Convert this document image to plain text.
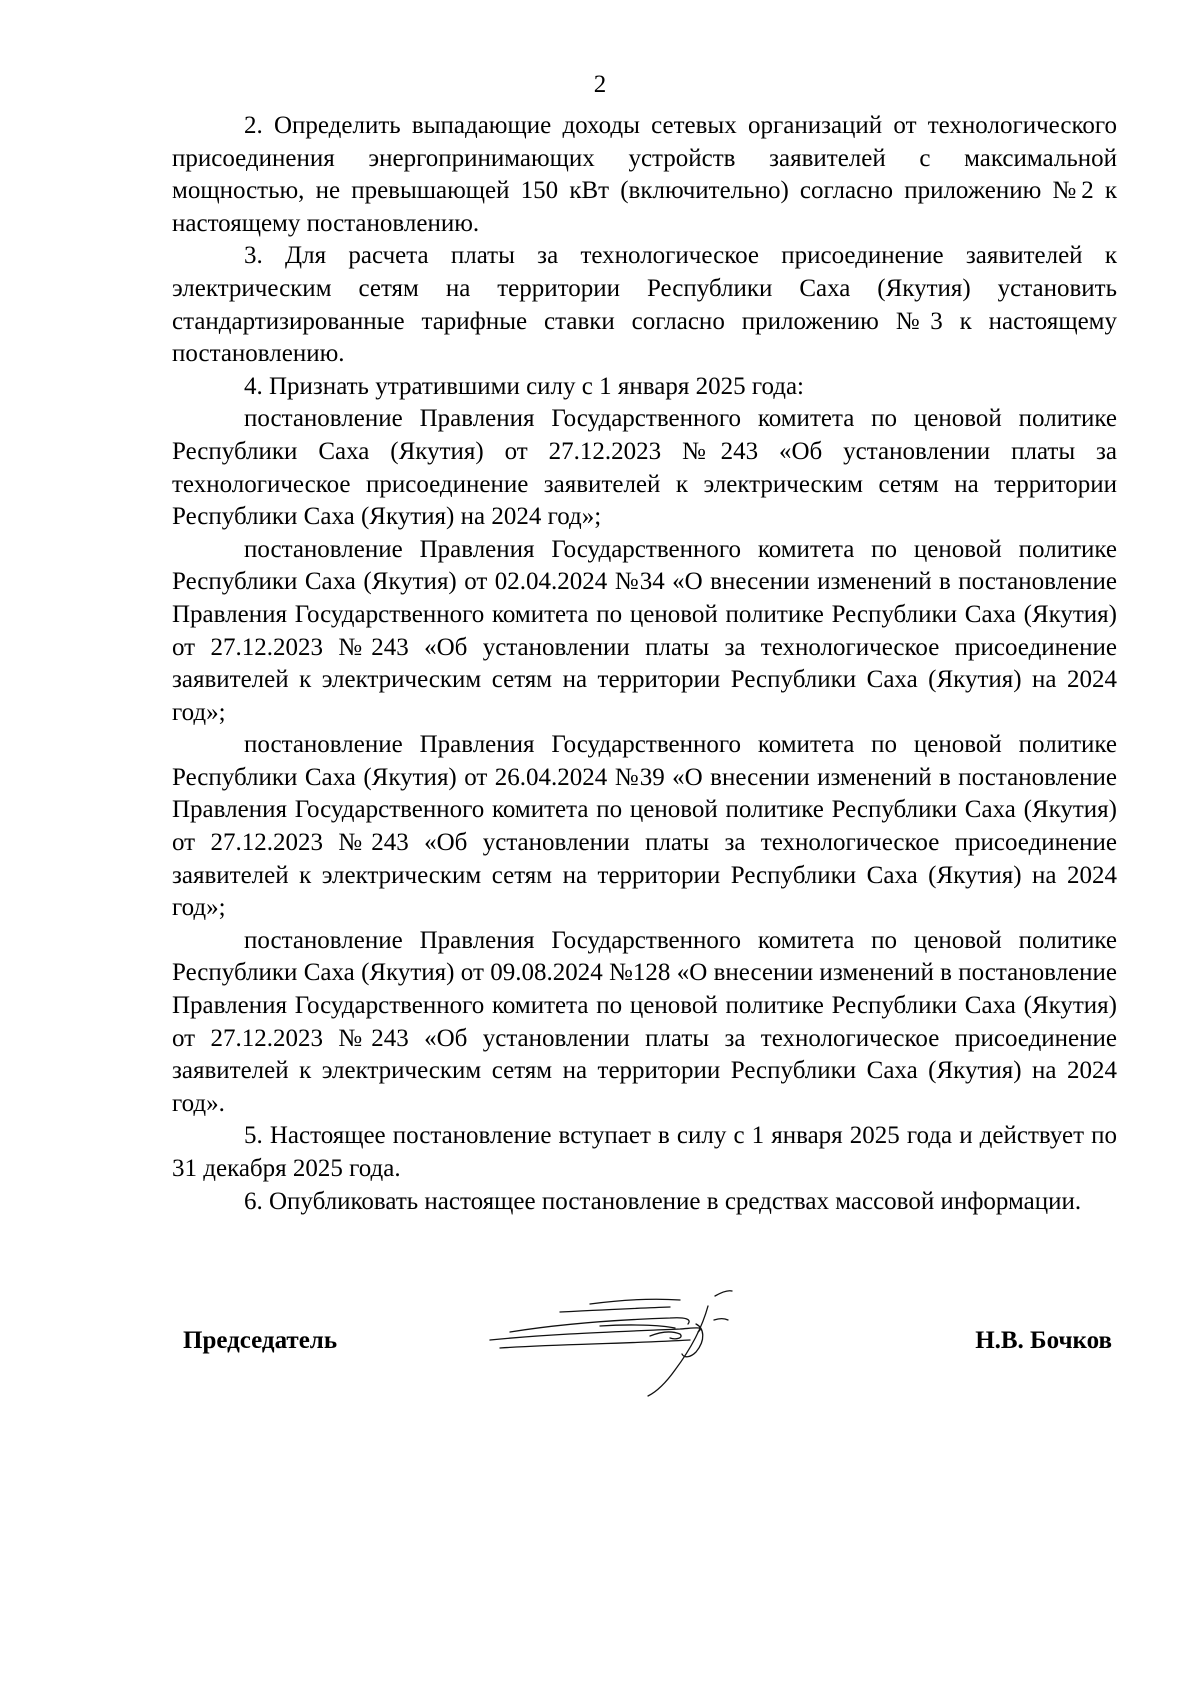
2

2. Определить выпадающие доходы сетевых организаций от технологического присоединения энергопринимающих устройств заявителей с максимальной мощностью, не превышающей 150 кВт (включительно) согласно приложению №2 к настоящему постановлению.

3. Для расчета платы за технологическое присоединение заявителей к электрическим сетям на территории Республики Саха (Якутия) установить стандартизированные тарифные ставки согласно приложению №3 к настоящему постановлению.

4. Признать утратившими силу с 1 января 2025 года:

постановление Правления Государственного комитета по ценовой политике Республики Саха (Якутия) от 27.12.2023 №243 «Об установлении платы за технологическое присоединение заявителей к электрическим сетям на территории Республики Саха (Якутия) на 2024 год»;

постановление Правления Государственного комитета по ценовой политике Республики Саха (Якутия) от 02.04.2024 №34 «О внесении изменений в постановление Правления Государственного комитета по ценовой политике Республики Саха (Якутия) от 27.12.2023 №243 «Об установлении платы за технологическое присоединение заявителей к электрическим сетям на территории Республики Саха (Якутия) на 2024 год»;

постановление Правления Государственного комитета по ценовой политике Республики Саха (Якутия) от 26.04.2024 №39 «О внесении изменений в постановление Правления Государственного комитета по ценовой политике Республики Саха (Якутия) от 27.12.2023 №243 «Об установлении платы за технологическое присоединение заявителей к электрическим сетям на территории Республики Саха (Якутия) на 2024 год»;

постановление Правления Государственного комитета по ценовой политике Республики Саха (Якутия) от 09.08.2024 №128 «О внесении изменений в постановление Правления Государственного комитета по ценовой политике Республики Саха (Якутия) от 27.12.2023 №243 «Об установлении платы за технологическое присоединение заявителей к электрическим сетям на территории Республики Саха (Якутия) на 2024 год».

5. Настоящее постановление вступает в силу с 1 января 2025 года и действует по 31 декабря 2025 года.

6. Опубликовать настоящее постановление в средствах массовой информации.

Председатель	Н.В. Бочков
